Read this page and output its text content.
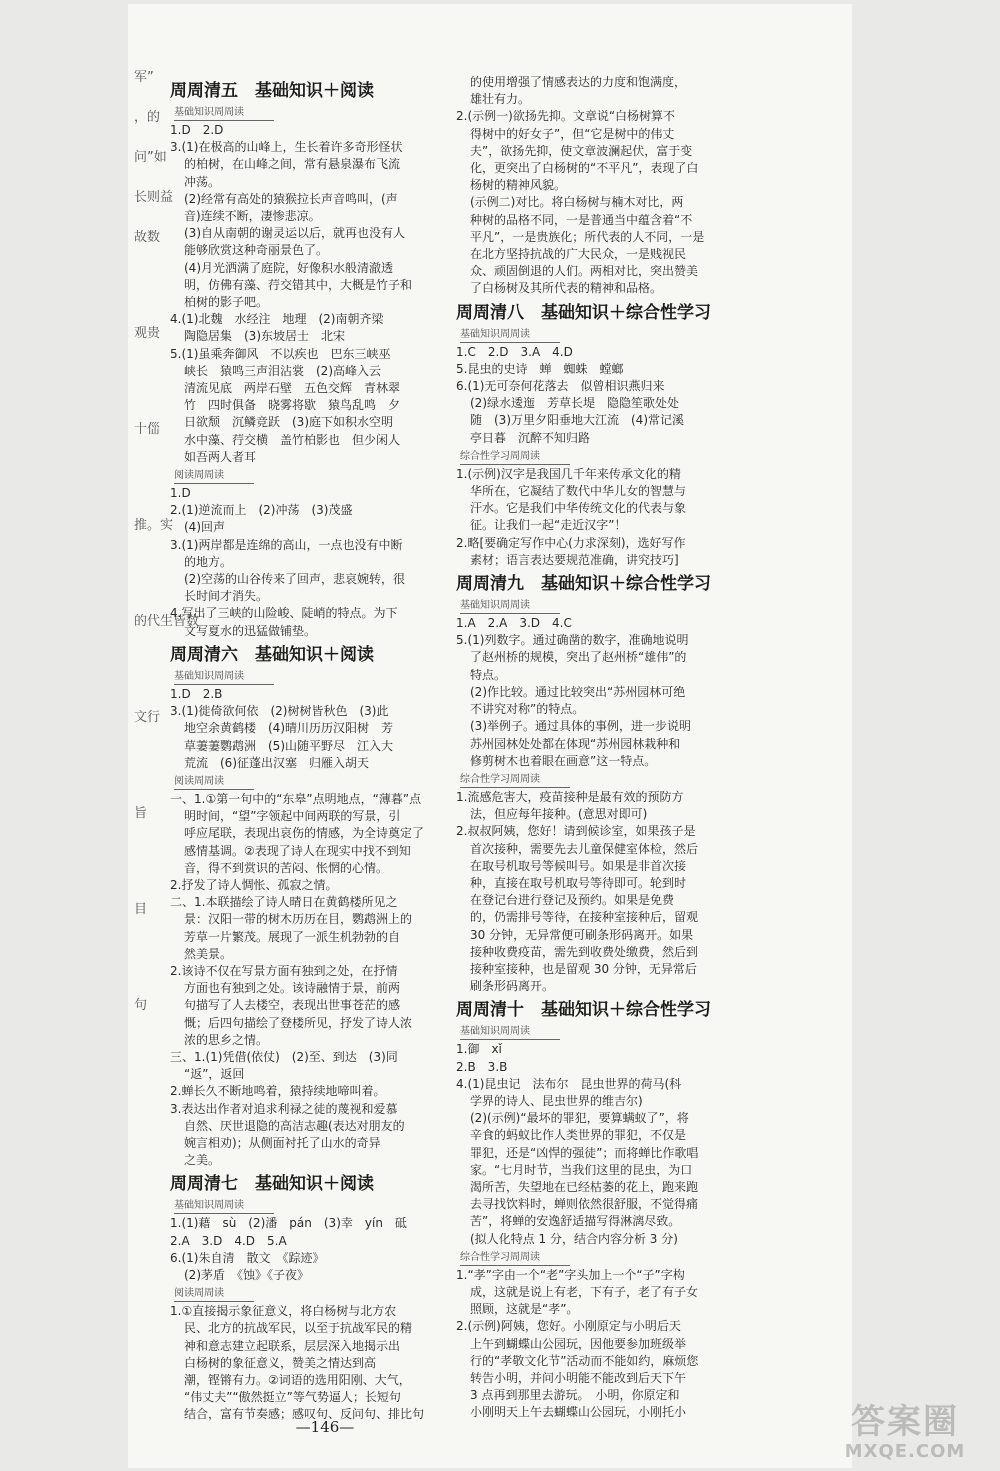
军”
，的
问”如
长则益
故数
观贵
十㑎
推。实
的代生皆数
文行
旨
目
句
周周清五　基础知识＋阅读
基础知识周周读
1.D　2.D
3.(1)在极高的山峰上，生长着许多奇形怪状
的柏树，在山峰之间，常有悬泉瀑布飞流
冲荡。
(2)经常有高处的猿猴拉长声音鸣叫，(声
音)连续不断，凄惨悲凉。
(3)自从南朝的谢灵运以后，就再也没有人
能够欣赏这种奇丽景色了。
(4)月光洒满了庭院，好像积水般清澈透
明，仿佛有藻、荇交错其中，大概是竹子和
柏树的影子吧。
4.(1)北魏　水经注　地理　(2)南朝齐梁
陶隐居集　(3)东坡居士　北宋
5.(1)虽乘奔御风　不以疾也　巴东三峡巫
峡长　猿鸣三声泪沾裳　(2)高峰入云
清流见底　两岸石壁　五色交辉　青林翠
竹　四时俱备　晓雾将歇　猿鸟乱鸣　夕
日欲颓　沉鳞竞跃　(3)庭下如积水空明
水中藻、荇交横　盖竹柏影也　但少闲人
如吾两人者耳
阅读周周读
1.D
2.(1)逆流而上　(2)冲荡　(3)茂盛
(4)回声
3.(1)两岸都是连绵的高山，一点也没有中断
的地方。
(2)空荡的山谷传来了回声，悲哀婉转，很
长时间才消失。
4.写出了三峡的山险峻、陡峭的特点。为下
文写夏水的迅猛做铺垫。
周周清六　基础知识＋阅读
基础知识周周读
1.D　2.B
3.(1)徙倚欲何依　(2)树树皆秋色　(3)此
地空余黄鹤楼　(4)晴川历历汉阳树　芳
草萋萋鹦鹉洲　(5)山随平野尽　江入大
荒流　(6)征蓬出汉塞　归雁入胡天
阅读周周读
一、1.①第一句中的“东皋”点明地点，“薄暮”点
明时间，“望”字领起中间两联的写景，引
呼应尾联，表现出哀伤的情感，为全诗奠定了
感情基调。②表现了诗人在现实中找不到知
音，得不到赏识的苦闷、怅惘的心情。
2.抒发了诗人惆怅、孤寂之情。
二、1.本联描绘了诗人晴日在黄鹤楼所见之
景：汉阳一带的树木历历在目，鹦鹉洲上的
芳草一片繁茂。展现了一派生机勃勃的自
然美景。
2.该诗不仅在写景方面有独到之处，在抒情
方面也有独到之处。该诗融情于景，前两
句描写了人去楼空，表现出世事苍茫的感
慨；后四句描绘了登楼所见，抒发了诗人浓
浓的思乡之情。
三、1.(1)凭借(依仗)　(2)至、到达　(3)同
“返”，返回
2.蝉长久不断地鸣着，猿持续地啼叫着。
3.表达出作者对追求利禄之徒的蔑视和爱慕
自然、厌世退隐的高洁志趣(表达对朋友的
婉言相劝)；从侧面衬托了山水的奇异
之美。
周周清七　基础知识＋阅读
基础知识周周读
1.(1)藉　sù　(2)潘　pán　(3)幸　yín　砥
2.A　3.D　4.D　5.A
6.(1)朱自清　散文　《踪迹》
(2)茅盾　《蚀》《子夜》
阅读周周读
1.①直接揭示象征意义，将白杨树与北方农
民、北方的抗战军民，以至于抗战军民的精
神和意志建立起联系，层层深入地揭示出
白杨树的象征意义，赞美之情达到高
潮，铿锵有力。②词语的选用阳刚、大气，
“伟丈夫”“傲然挺立”等气势逼人；长短句
结合，富有节奏感；感叹句、反问句、排比句
的使用增强了情感表达的力度和饱满度，
雄壮有力。
2.(示例一)欲扬先抑。文章说“白杨树算不
得树中的好女子”，但“它是树中的伟丈
夫”，欲扬先抑，使文章波澜起伏，富于变
化，更突出了白杨树的“不平凡”，表现了白
杨树的精神风貌。
(示例二)对比。将白杨树与楠木对比，两
种树的品格不同，一是普通当中蕴含着“不
平凡”，一是贵族化；所代表的人不同，一是
在北方坚持抗战的广大民众，一是贱视民
众、顽固倒退的人们。两相对比，突出赞美
了白杨树及其所代表的精神和品格。
周周清八　基础知识＋综合性学习
基础知识周周读
1.C　2.D　3.A　4.D
5.昆虫的史诗　蝉　蜘蛛　螳螂
6.(1)无可奈何花落去　似曾相识燕归来
(2)绿水逶迤　芳草长堤　隐隐笙歌处处
随　(3)万里夕阳垂地大江流　(4)常记溪
亭日暮　沉醉不知归路
综合性学习周周读
1.(示例)汉字是我国几千年来传承文化的精
华所在，它凝结了数代中华儿女的智慧与
汗水。它是我们中华传统文化的代表与象
征。让我们一起“走近汉字”！
2.略[要确定写作中心(力求深刻)，选好写作
素材；语言表达要规范准确，讲究技巧]
周周清九　基础知识＋综合性学习
基础知识周周读
1.A　2.A　3.D　4.C
5.(1)列数字。通过确凿的数字，准确地说明
了赵州桥的规模，突出了赵州桥“雄伟”的
特点。
(2)作比较。通过比较突出“苏州园林可绝
不讲究对称”的特点。
(3)举例子。通过具体的事例，进一步说明
苏州园林处处都在体现“苏州园林栽种和
修剪树木也着眼在画意”这一特点。
综合性学习周周读
1.流感危害大，疫苗接种是最有效的预防方
法，但应每年接种。(意思对即可)
2.叔叔阿姨，您好！请到候诊室，如果孩子是
首次接种，需要先去儿童保健室体检，然后
在取号机取号等候叫号。如果是非首次接
种，直接在取号机取号等待即可。轮到时
在登记台进行登记及预约。如果是免费
的，仍需排号等待，在接种室接种后，留观
30 分钟，无异常便可刷条形码离开。如果
接种收费疫苗，需先到收费处缴费，然后到
接种室接种，也是留观 30 分钟，无异常后
刷条形码离开。
周周清十　基础知识＋综合性学习
基础知识周周读
1.御　xǐ
2.B　3.B
4.(1)昆虫记　法布尔　昆虫世界的荷马(科
学界的诗人、昆虫世界的维吉尔)
(2)(示例)“最坏的罪犯，要算螨蚁了”，将
辛食的蚂蚁比作人类世界的罪犯，不仅是
罪犯，还是“凶悍的强徒”；而将蝉比作歌唱
家。“七月时节，当我们这里的昆虫，为口
渴所苦，失望地在已经枯萎的花上，跑来跑
去寻找饮料时，蝉则依然很舒服，不觉得痛
苦”，将蝉的安逸舒适描写得淋漓尽致。
(拟人化特点 1 分，结合内容分析 3 分)
综合性学习周周读
1.“孝”字由一个“老”字头加上一个“子”字构
成，这就是说上有老，下有子，老了有子女
照顾，这就是“孝”。
2.(示例)阿姨，您好。小刚原定与小明后天
上午到蝴蝶山公园玩，因他要参加班级举
行的“孝敬文化节”活动而不能如约，麻烦您
转告小明，并问小明能不能改到后天下午
3 点再到那里去游玩。　小明，你原定和
小刚明天上午去蝴蝶山公园玩，小刚托小
—146—	答案圈
MXQE.COM
